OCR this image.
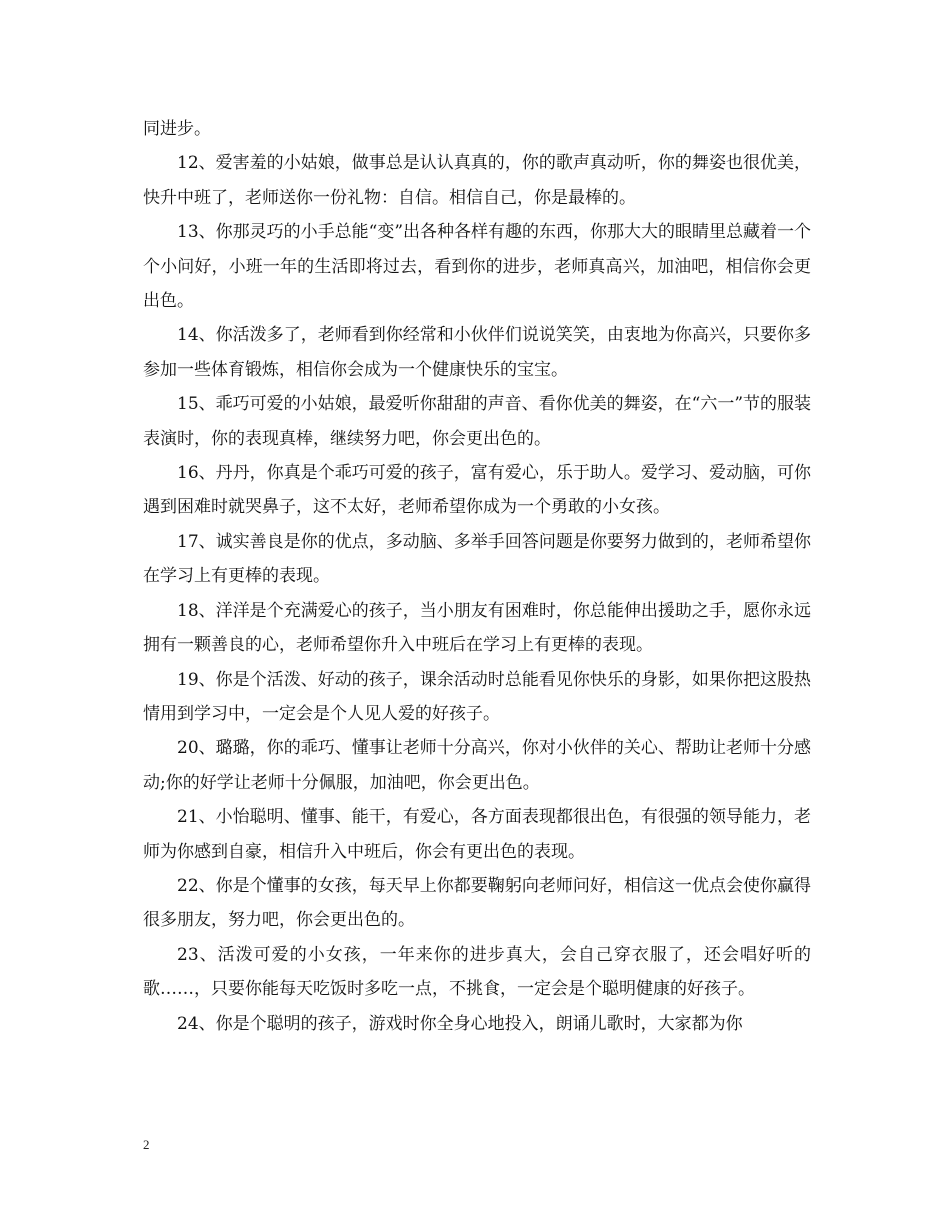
同进步。

12、爱害羞的小姑娘，做事总是认认真真的，你的歌声真动听，你的舞姿也很优美，快升中班了，老师送你一份礼物：自信。相信自己，你是最棒的。

13、你那灵巧的小手总能“变”出各种各样有趣的东西，你那大大的眼睛里总藏着一个个小问好，小班一年的生活即将过去，看到你的进步，老师真高兴，加油吧，相信你会更出色。

14、你活泼多了，老师看到你经常和小伙伴们说说笑笑，由衷地为你高兴，只要你多参加一些体育锻炼，相信你会成为一个健康快乐的宝宝。

15、乖巧可爱的小姑娘，最爱听你甜甜的声音、看你优美的舞姿，在“六一”节的服装表演时，你的表现真棒，继续努力吧，你会更出色的。

16、丹丹，你真是个乖巧可爱的孩子，富有爱心，乐于助人。爱学习、爱动脑，可你遇到困难时就哭鼻子，这不太好，老师希望你成为一个勇敢的小女孩。

17、诚实善良是你的优点，多动脑、多举手回答问题是你要努力做到的，老师希望你在学习上有更棒的表现。

18、洋洋是个充满爱心的孩子，当小朋友有困难时，你总能伸出援助之手，愿你永远拥有一颗善良的心，老师希望你升入中班后在学习上有更棒的表现。

19、你是个活泼、好动的孩子，课余活动时总能看见你快乐的身影，如果你把这股热情用到学习中，一定会是个人见人爱的好孩子。

20、璐璐，你的乖巧、懂事让老师十分高兴，你对小伙伴的关心、帮助让老师十分感动;你的好学让老师十分佩服，加油吧，你会更出色。

21、小怡聪明、懂事、能干，有爱心，各方面表现都很出色，有很强的领导能力，老师为你感到自豪，相信升入中班后，你会有更出色的表现。

22、你是个懂事的女孩，每天早上你都要鞠躬向老师问好，相信这一优点会使你赢得很多朋友，努力吧，你会更出色的。

23、活泼可爱的小女孩，一年来你的进步真大，会自己穿衣服了，还会唱好听的歌……，只要你能每天吃饭时多吃一点，不挑食，一定会是个聪明健康的好孩子。

24、你是个聪明的孩子，游戏时你全身心地投入，朗诵儿歌时，大家都为你

2
